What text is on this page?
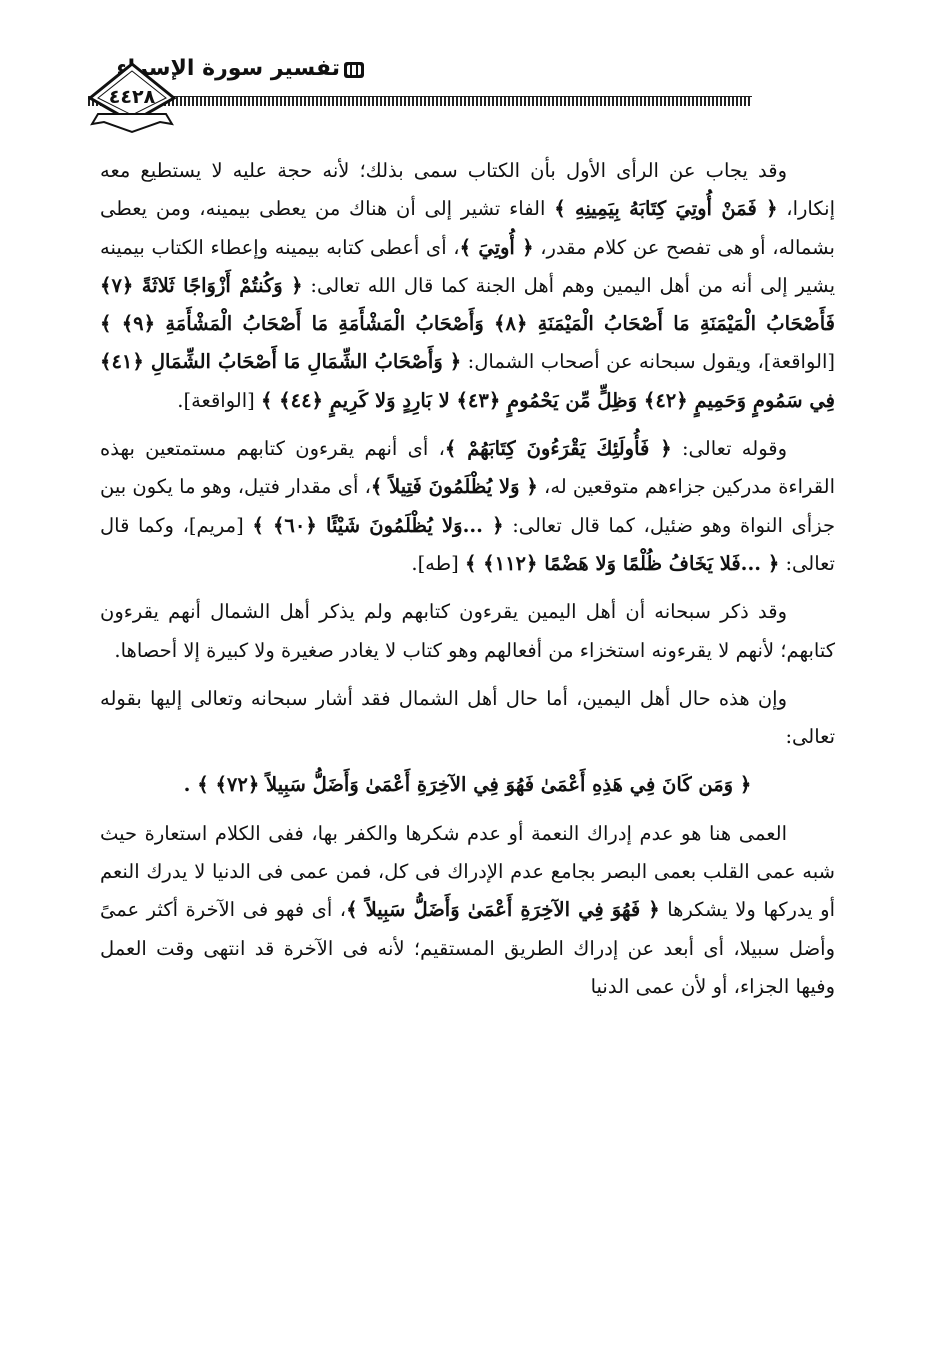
تفسير سورة الإسراء
٤٤٢٨

وقد يجاب عن الرأى الأول بأن الكتاب سمى بذلك؛ لأنه حجة عليه لا يستطيع معه إنكارا، ﴿ فَمَنْ أُوتِيَ كِتَابَهُ بِيَمِينِهِ ﴾ الفاء تشير إلى أن هناك من يعطى بيمينه، ومن يعطى بشماله، أو هى تفصح عن كلام مقدر، ﴿ أُوتِيَ ﴾، أى أعطى كتابه بيمينه وإعطاء الكتاب بيمينه يشير إلى أنه من أهل اليمين وهم أهل الجنة كما قال الله تعالى: ﴿ وَكُنتُمْ أَزْوَاجًا ثَلاثَةً ﴿٧﴾ فَأَصْحَابُ الْمَيْمَنَةِ مَا أَصْحَابُ الْمَيْمَنَةِ ﴿٨﴾ وَأَصْحَابُ الْمَشْأَمَةِ مَا أَصْحَابُ الْمَشْأَمَةِ ﴿٩﴾ ﴾ [الواقعة]، ويقول سبحانه عن أصحاب الشمال: ﴿ وَأَصْحَابُ الشِّمَالِ مَا أَصْحَابُ الشِّمَالِ ﴿٤١﴾ فِي سَمُومٍ وَحَمِيمٍ ﴿٤٢﴾ وَظِلٍّ مِّن يَحْمُومٍ ﴿٤٣﴾ لا بَارِدٍ وَلا كَرِيمٍ ﴿٤٤﴾ ﴾ [الواقعة].

وقوله تعالى: ﴿ فَأُولَئِكَ يَقْرَءُونَ كِتَابَهُمْ ﴾، أى أنهم يقرءون كتابهم مستمتعين بهذه القراءة مدركين جزاءهم متوقعين له، ﴿ وَلا يُظْلَمُونَ فَتِيلاً ﴾، أى مقدار فتيل، وهو ما يكون بين جزأى النواة وهو ضئيل، كما قال تعالى: ﴿ ...وَلا يُظْلَمُونَ شَيْئًا ﴿٦٠﴾ ﴾ [مريم]، وكما قال تعالى: ﴿ ...فَلا يَخَافُ ظُلْمًا وَلا هَضْمًا ﴿١١٢﴾ ﴾ [طه].

وقد ذكر سبحانه أن أهل اليمين يقرءون كتابهم ولم يذكر أهل الشمال أنهم يقرءون كتابهم؛ لأنهم لا يقرءونه استخزاء من أفعالهم وهو كتاب لا يغادر صغيرة ولا كبيرة إلا أحصاها.

وإن هذه حال أهل اليمين، أما حال أهل الشمال فقد أشار سبحانه وتعالى إليها بقوله تعالى:

﴿ وَمَن كَانَ فِي هَذِهِ أَعْمَىٰ فَهُوَ فِي الآخِرَةِ أَعْمَىٰ وَأَضَلُّ سَبِيلاً ﴿٧٢﴾ ﴾ .

العمى هنا هو عدم إدراك النعمة أو عدم شكرها والكفر بها، ففى الكلام استعارة حيث شبه عمى القلب بعمى البصر بجامع عدم الإدراك فى كل، فمن عمى فى الدنيا لا يدرك النعم أو يدركها ولا يشكرها ﴿ فَهُوَ فِي الآخِرَةِ أَعْمَىٰ وَأَضَلُّ سَبِيلاً ﴾، أى فهو فى الآخرة أكثر عمىً وأضل سبيلا، أى أبعد عن إدراك الطريق المستقيم؛ لأنه فى الآخرة قد انتهى وقت العمل وفيها الجزاء، أو لأن عمى الدنيا
